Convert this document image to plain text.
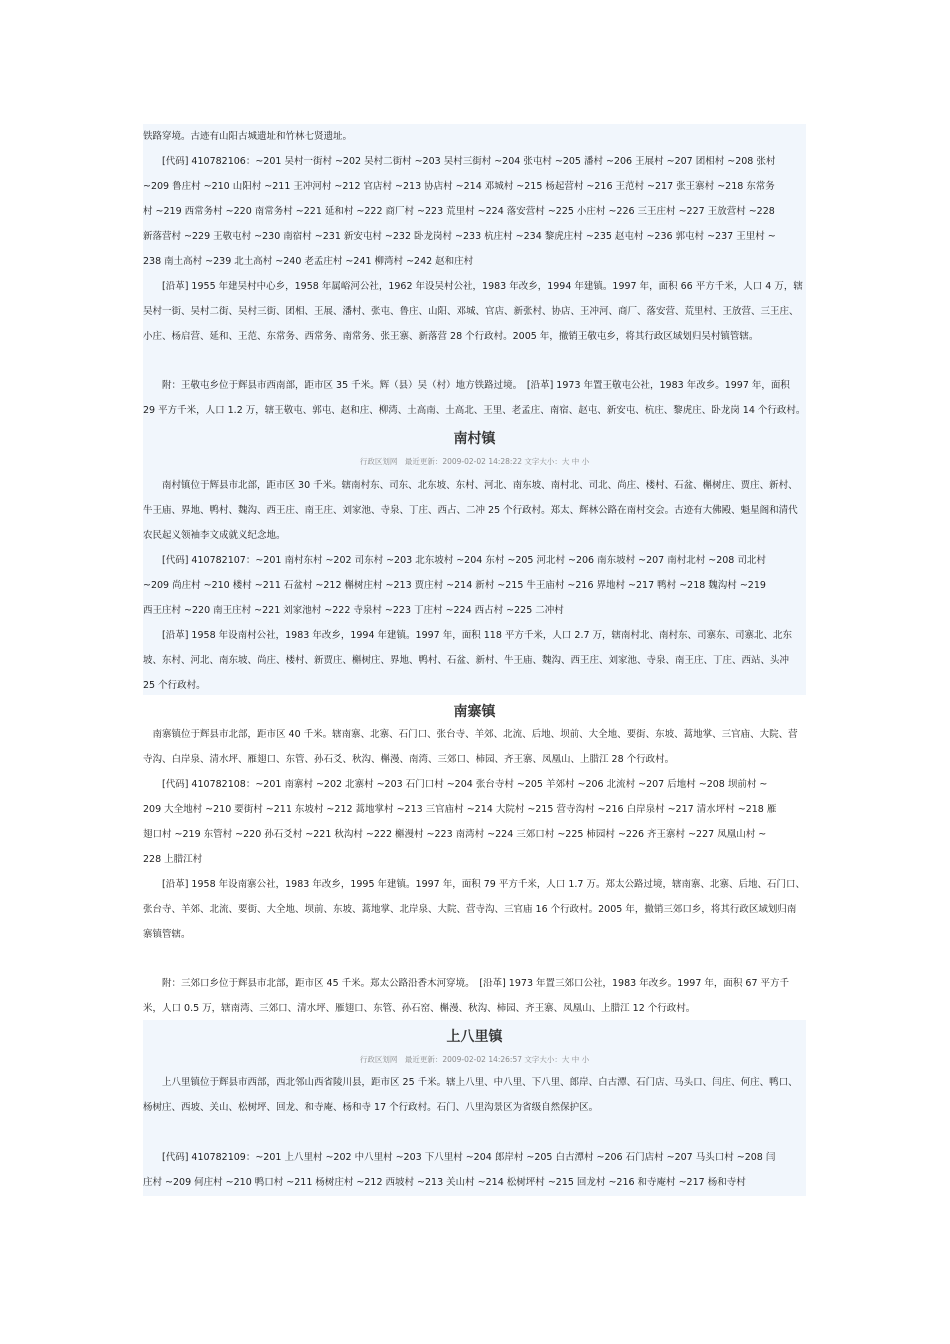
铁路穿境。古迹有山阳古城遗址和竹林七贤遗址。
　　[代码] 410782106：~201 吴村一街村 ~202 吴村二街村 ~203 吴村三街村 ~204 张屯村 ~205 潘村 ~206 王展村 ~207 团相村 ~208 张村
~209 鲁庄村 ~210 山阳村 ~211 王冲河村 ~212 官店村 ~213 协店村 ~214 邓城村 ~215 杨起营村 ~216 王范村 ~217 张王寨村 ~218 东常务
村 ~219 西常务村 ~220 南常务村 ~221 延和村 ~222 商厂村 ~223 荒里村 ~224 落安营村 ~225 小庄村 ~226 三王庄村 ~227 王放营村 ~228
新落营村 ~229 王敬屯村 ~230 南宿村 ~231 新安屯村 ~232 卧龙岗村 ~233 杭庄村 ~234 黎虎庄村 ~235 赵屯村 ~236 郭屯村 ~237 王里村 ~
238 南土高村 ~239 北土高村 ~240 老孟庄村 ~241 柳湾村 ~242 赵和庄村
　　[沿革] 1955 年建吴村中心乡，1958 年属峪河公社，1962 年设吴村公社，1983 年改乡，1994 年建镇。1997 年，面积 66 平方千米，人口 4 万，辖
吴村一街、吴村二街、吴村三街、团相、王展、潘村、张屯、鲁庄、山阳、邓城、官店、新张村、协店、王冲河、商厂、落安营、荒里村、王放营、三王庄、
小庄、杨启营、延和、王范、东常务、西常务、南常务、张王寨、新落营 28 个行政村。2005 年，撤销王敬屯乡，将其行政区域划归吴村镇管辖。
　　附：王敬屯乡位于辉县市西南部，距市区 35 千米。辉（县）吴（村）地方铁路过境。　[沿革] 1973 年置王敬屯公社，1983 年改乡。1997 年，面积
29 平方千米，人口 1.2 万，辖王敬屯、郭屯、赵和庄、柳湾、土高南、土高北、王里、老孟庄、南宿、赵屯、新安屯、杭庄、黎虎庄、卧龙岗 14 个行政村。
南村镇
行政区划网　最近更新：2009-02-02 14:28:22 文字大小：大 中 小
　　南村镇位于辉县市北部，距市区 30 千米。辖南村东、司东、北东坡、东村、河北、南东坡、南村北、司北、尚庄、楼村、石盆、槲树庄、贾庄、新村、
牛王庙、界地、鸭村、魏沟、西王庄、南王庄、刘家池、寺泉、丁庄、西占、二冲 25 个行政村。郑太、辉林公路在南村交会。古迹有大佛殿、魁星阁和清代
农民起义领袖李文成就义纪念地。
　　[代码] 410782107：~201 南村东村 ~202 司东村 ~203 北东坡村 ~204 东村 ~205 河北村 ~206 南东坡村 ~207 南村北村 ~208 司北村
~209 尚庄村 ~210 楼村 ~211 石盆村 ~212 槲树庄村 ~213 贾庄村 ~214 新村 ~215 牛王庙村 ~216 界地村 ~217 鸭村 ~218 魏沟村 ~219
西王庄村 ~220 南王庄村 ~221 刘家池村 ~222 寺泉村 ~223 丁庄村 ~224 西占村 ~225 二冲村
　　[沿革] 1958 年设南村公社，1983 年改乡，1994 年建镇。1997 年，面积 118 平方千米，人口 2.7 万，辖南村北、南村东、司寨东、司寨北、北东
坡、东村、河北、南东坡、尚庄、楼村、新贾庄、槲树庄、界地、鸭村、石盆、新村、牛王庙、魏沟、西王庄、刘家池、寺泉、南王庄、丁庄、西站、头冲
25 个行政村。
南寨镇
　南寨镇位于辉县市北部，距市区 40 千米。辖南寨、北寨、石门口、张台寺、羊郊、北流、后地、坝前、大全地、要街、东坡、蒿地掌、三官庙、大院、营
寺沟、白岸泉、清水坪、雁翅口、东管、孙石爻、秋沟、槲漫、南湾、三郊口、柿园、齐王寨、凤凰山、上腊江 28 个行政村。
　　[代码] 410782108：~201 南寨村 ~202 北寨村 ~203 石门口村 ~204 张台寺村 ~205 羊郊村 ~206 北流村 ~207 后地村 ~208 坝前村 ~
209 大全地村 ~210 要街村 ~211 东坡村 ~212 蒿地掌村 ~213 三官庙村 ~214 大院村 ~215 营寺沟村 ~216 白岸泉村 ~217 清水坪村 ~218 雁
翅口村 ~219 东管村 ~220 孙石爻村 ~221 秋沟村 ~222 槲漫村 ~223 南湾村 ~224 三郊口村 ~225 柿园村 ~226 齐王寨村 ~227 凤凰山村 ~
228 上腊江村
　　[沿革] 1958 年设南寨公社，1983 年改乡，1995 年建镇。1997 年，面积 79 平方千米，人口 1.7 万。郑太公路过境，辖南寨、北寨、后地、石门口、
张台寺、羊郊、北流、要街、大全地、坝前、东坡、蒿地掌、北岸泉、大院、营寺沟、三官庙 16 个行政村。2005 年，撤销三郊口乡，将其行政区域划归南
寨镇管辖。
　　附：三郊口乡位于辉县市北部，距市区 45 千米。郑太公路沿香木河穿境。　[沿革] 1973 年置三郊口公社，1983 年改乡。1997 年，面积 67 平方千
米，人口 0.5 万，辖南湾、三郊口、清水坪、雁翅口、东管、孙石窑、槲漫、秋沟、柿园、齐王寨、凤凰山、上腊江 12 个行政村。
上八里镇
行政区划网　最近更新：2009-02-02 14:26:57 文字大小：大 中 小
　　上八里镇位于辉县市西部，西北邻山西省陵川县，距市区 25 千米。辖上八里、中八里、下八里、郎岸、白古潭、石门店、马头口、闫庄、何庄、鸭口、
杨树庄、西坡、关山、松树坪、回龙、和寺庵、杨和寺 17 个行政村。石门、八里沟景区为省级自然保护区。
　　[代码] 410782109：~201 上八里村 ~202 中八里村 ~203 下八里村 ~204 郎岸村 ~205 白古潭村 ~206 石门店村 ~207 马头口村 ~208 闫
庄村 ~209 何庄村 ~210 鸭口村 ~211 杨树庄村 ~212 西坡村 ~213 关山村 ~214 松树坪村 ~215 回龙村 ~216 和寺庵村 ~217 杨和寺村
